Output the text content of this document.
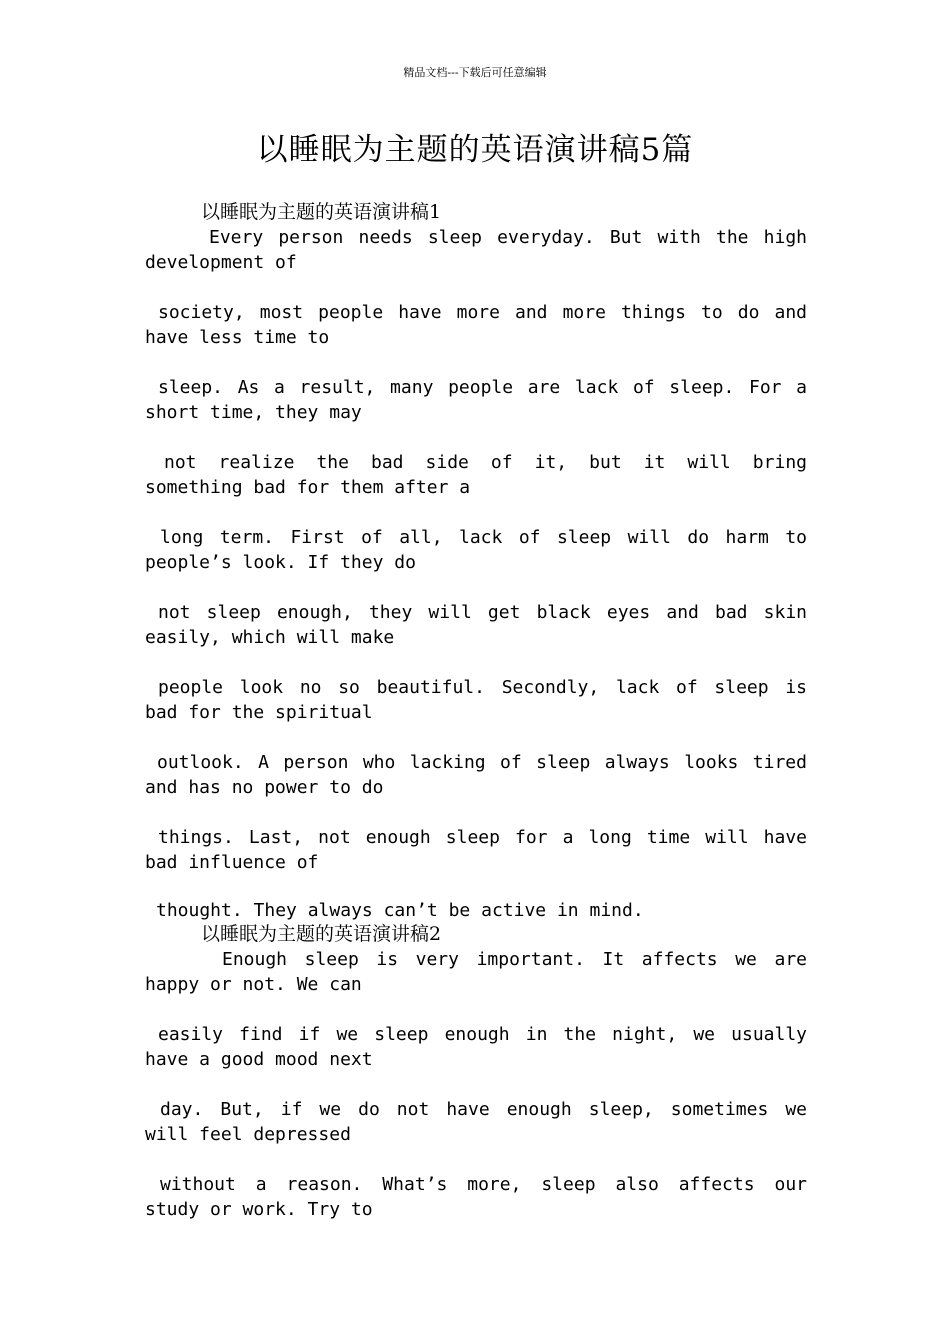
精品文档---下载后可任意编辑
以睡眠为主题的英语演讲稿5篇
以睡眠为主题的英语演讲稿1

Every person needs sleep everyday. But with the high

development of

society, most people have more and more things to do and

have less time to

sleep. As a result, many people are lack of sleep. For a

short time, they may

not realize the bad side of it, but it will bring

something bad for them after a

long term. First of all, lack of sleep will do harm to

people’s look. If they do

not sleep enough, they will get black eyes and bad skin

easily, which will make

people look no so beautiful. Secondly, lack of sleep is

bad for the spiritual

outlook. A person who lacking of sleep always looks tired

and has no power to do

things. Last, not enough sleep for a long time will have

bad influence of

thought. They always can’t be active in mind.

以睡眠为主题的英语演讲稿2

Enough sleep is very important. It affects we are

happy or not. We can

easily find if we sleep enough in the night, we usually

have a good mood next

day. But, if we do not have enough sleep, sometimes we

will feel depressed

without a reason. What’s more, sleep also affects our

study or work. Try to
